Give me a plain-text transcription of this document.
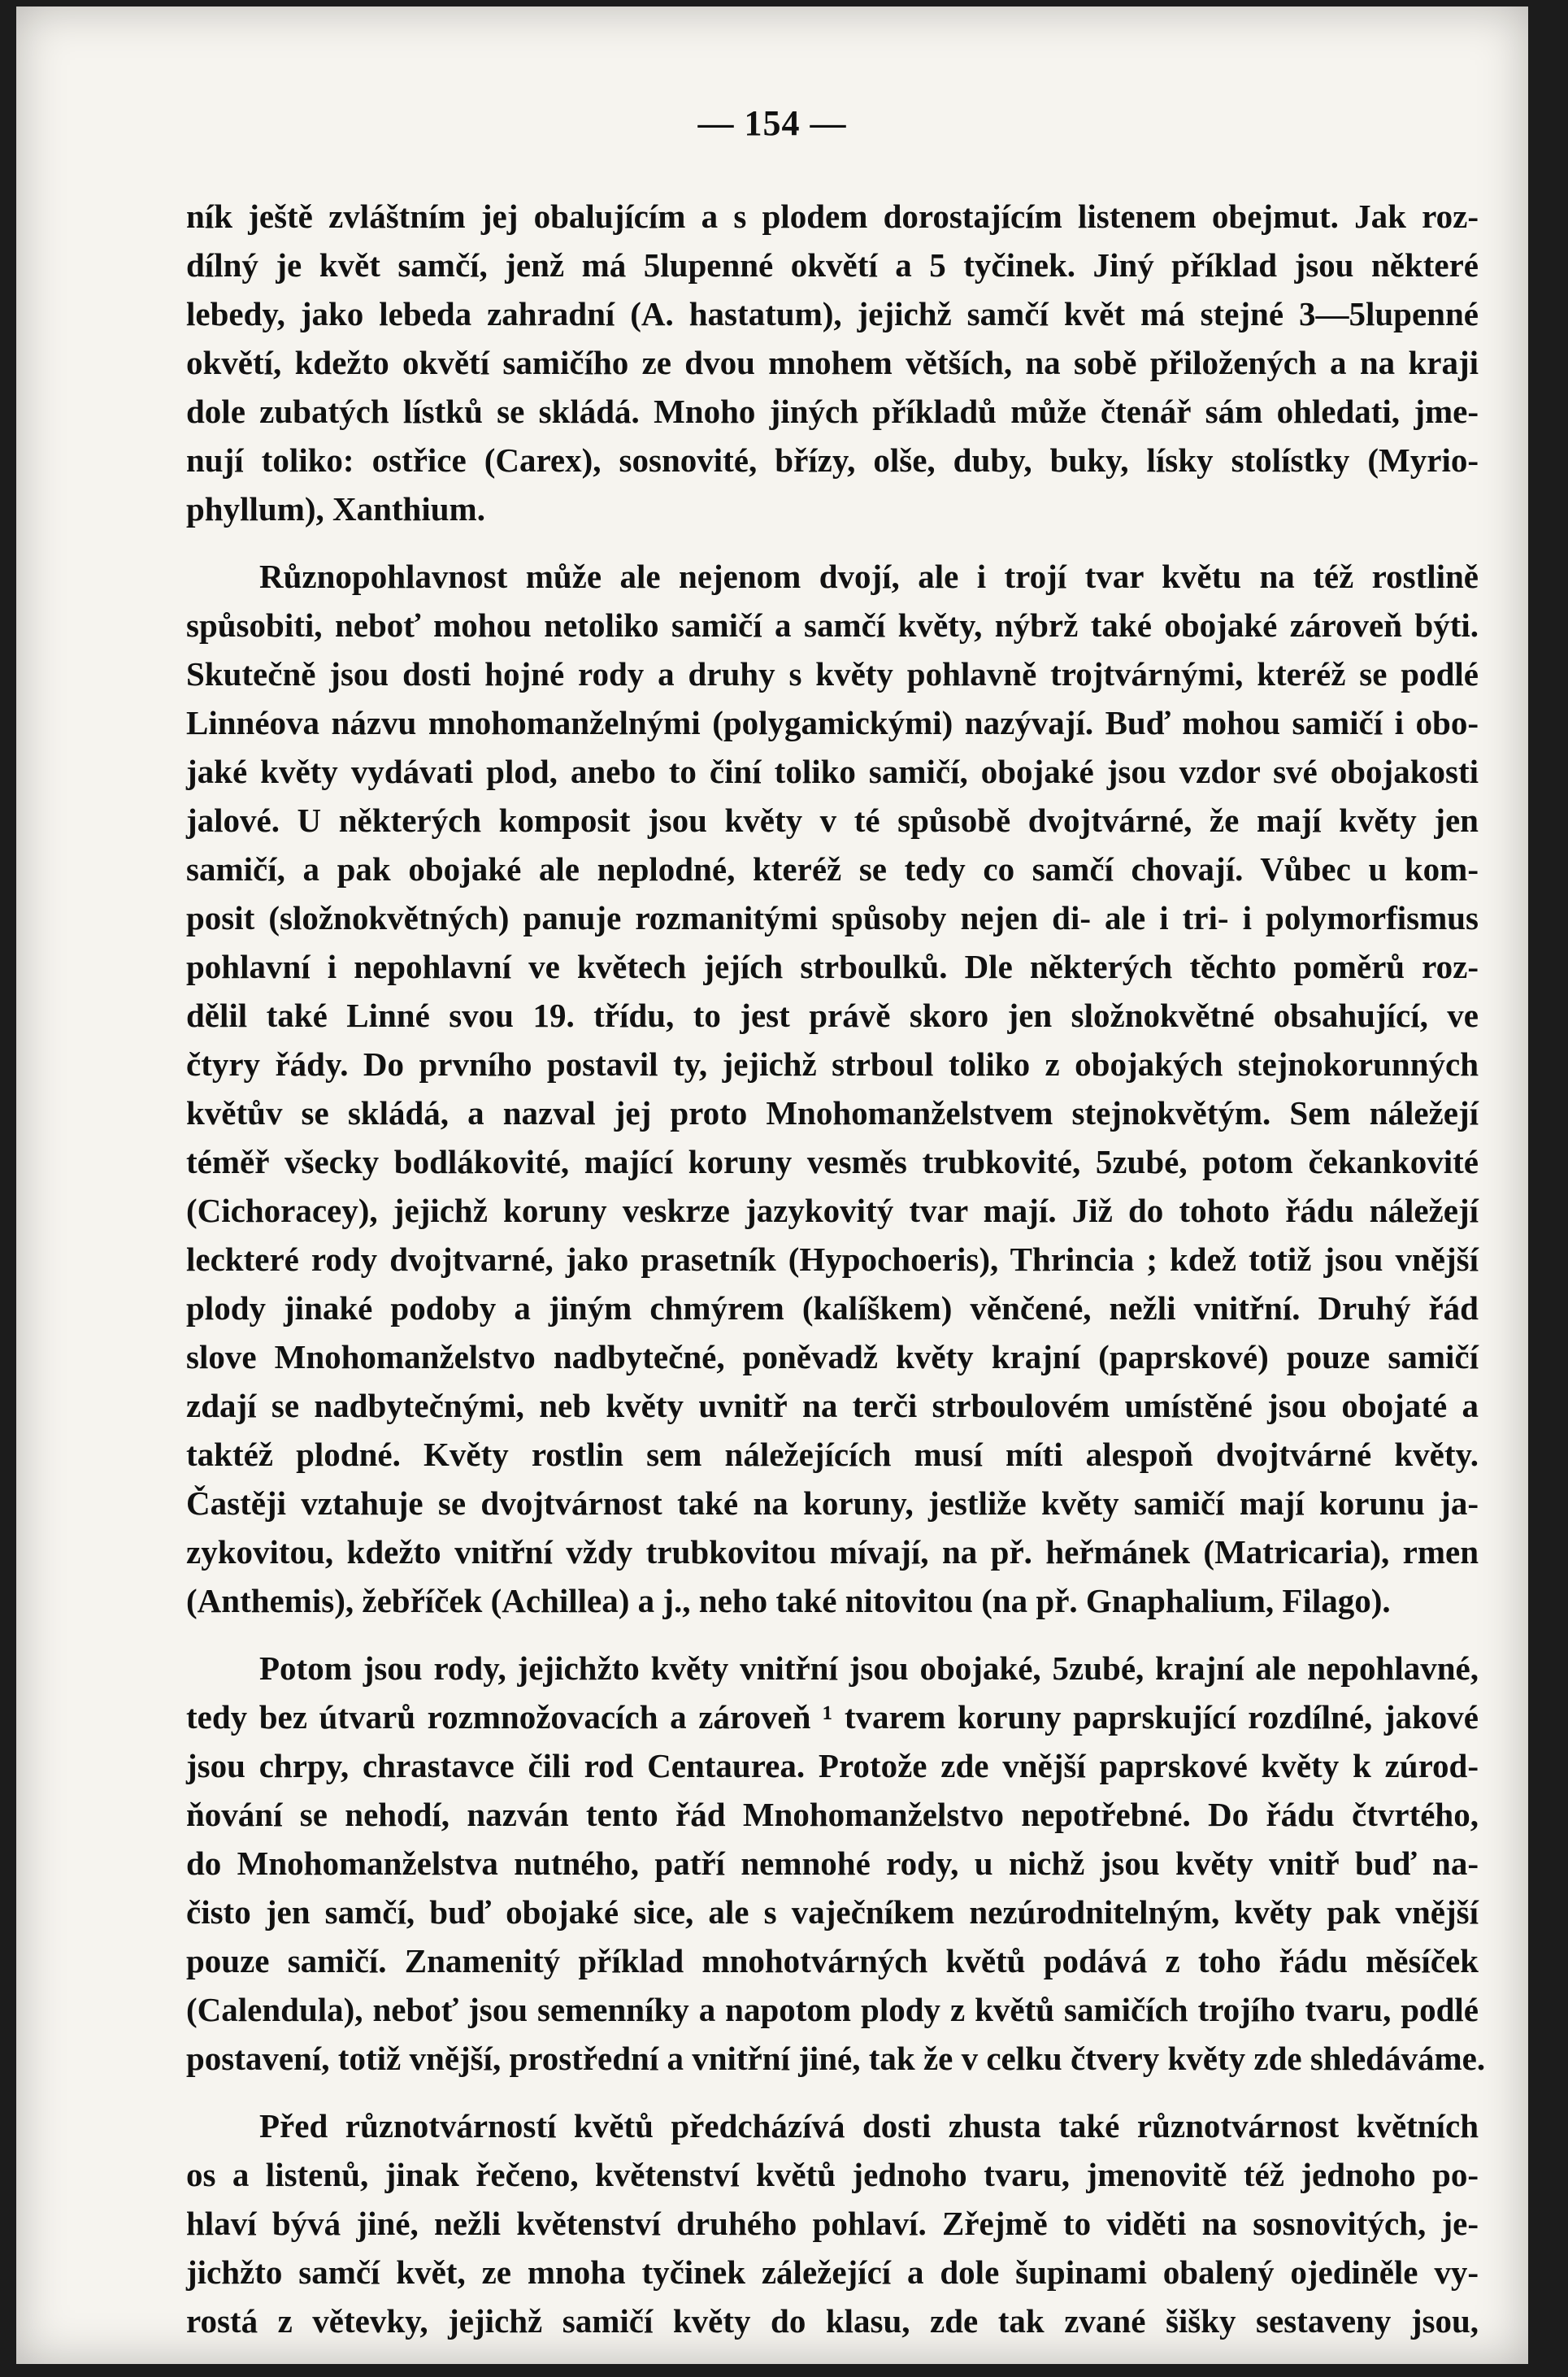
— 154 —
ník ještě zvláštním jej obalujícím a s plodem dorostajícím listenem obejmut. Jak roz-
dílný je květ samčí, jenž má 5lupenné okvětí a 5 tyčinek. Jiný příklad jsou některé
lebedy, jako lebeda zahradní (A. hastatum), jejichž samčí květ má stejné 3—5lupenné
okvětí, kdežto okvětí samičího ze dvou mnohem větších, na sobě přiložených a na kraji
dole zubatých lístků se skládá. Mnoho jiných příkladů může čtenář sám ohledati, jme-
nují toliko: ostřice (Carex), sosnovité, břízy, olše, duby, buky, lísky stolístky (Myrio-
phyllum), Xanthium.
Různopohlavnost může ale nejenom dvojí, ale i trojí tvar květu na též rostlině
spůsobiti, neboť mohou netoliko samičí a samčí květy, nýbrž také obojaké zároveň býti.
Skutečně jsou dosti hojné rody a druhy s květy pohlavně trojtvárnými, kteréž se podlé
Linnéova názvu mnohomanželnými (polygamickými) nazývají. Buď mohou samičí i obo-
jaké květy vydávati plod, anebo to činí toliko samičí, obojaké jsou vzdor své obojakosti
jalové. U některých komposit jsou květy v té spůsobě dvojtvárné, že mají květy jen
samičí, a pak obojaké ale neplodné, kteréž se tedy co samčí chovají. Vůbec u kom-
posit (složnokvětných) panuje rozmanitými spůsoby nejen di- ale i tri- i polymorfismus
pohlavní i nepohlavní ve květech jejích strboulků. Dle některých těchto poměrů roz-
dělil také Linné svou 19. třídu, to jest právě skoro jen složnokvětné obsahující, ve
čtyry řády. Do prvního postavil ty, jejichž strboul toliko z obojakých stejnokorunných
květův se skládá, a nazval jej proto Mnohomanželstvem stejnokvětým. Sem náležejí
téměř všecky bodlákovité, mající koruny vesměs trubkovité, 5zubé, potom čekankovité
(Cichoracey), jejichž koruny veskrze jazykovitý tvar mají. Již do tohoto řádu náležejí
leckteré rody dvojtvarné, jako prasetník (Hypochoeris), Thrincia ; kdež totiž jsou vnější
plody jinaké podoby a jiným chmýrem (kalíškem) věnčené, nežli vnitřní. Druhý řád
slove Mnohomanželstvo nadbytečné, poněvadž květy krajní (paprskové) pouze samičí
zdají se nadbytečnými, neb květy uvnitř na terči strboulovém umístěné jsou obojaté a
taktéž plodné. Květy rostlin sem náležejících musí míti alespoň dvojtvárné květy.
Častěji vztahuje se dvojtvárnost také na koruny, jestliže květy samičí mají korunu ja-
zykovitou, kdežto vnitřní vždy trubkovitou mívají, na př. heřmánek (Matricaria), rmen
(Anthemis), žebříček (Achillea) a j., neho také nitovitou (na př. Gnaphalium, Filago).
Potom jsou rody, jejichžto květy vnitřní jsou obojaké, 5zubé, krajní ale nepohlavné,
tedy bez útvarů rozmnožovacích a zároveň ¹ tvarem koruny paprskující rozdílné, jakové
jsou chrpy, chrastavce čili rod Centaurea. Protože zde vnější paprskové květy k zúrod-
ňování se nehodí, nazván tento řád Mnohomanželstvo nepotřebné. Do řádu čtvrtého,
do Mnohomanželstva nutného, patří nemnohé rody, u nichž jsou květy vnitř buď na-
čisto jen samčí, buď obojaké sice, ale s vaječníkem nezúrodnitelným, květy pak vnější
pouze samičí. Znamenitý příklad mnohotvárných květů podává z toho řádu měsíček
(Calendula), neboť jsou semenníky a napotom plody z květů samičích trojího tvaru, podlé
postavení, totiž vnější, prostřední a vnitřní jiné, tak že v celku čtvery květy zde shledáváme.
Před různotvárností květů předcházívá dosti zhusta také různotvárnost květních
os a listenů, jinak řečeno, květenství květů jednoho tvaru, jmenovitě též jednoho po-
hlaví bývá jiné, nežli květenství druhého pohlaví. Zřejmě to viděti na sosnovitých, je-
jichžto samčí květ, ze mnoha tyčinek záležející a dole šupinami obalený ojediněle vy-
rostá z větevky, jejichž samičí květy do klasu, zde tak zvané šišky sestaveny jsou,
